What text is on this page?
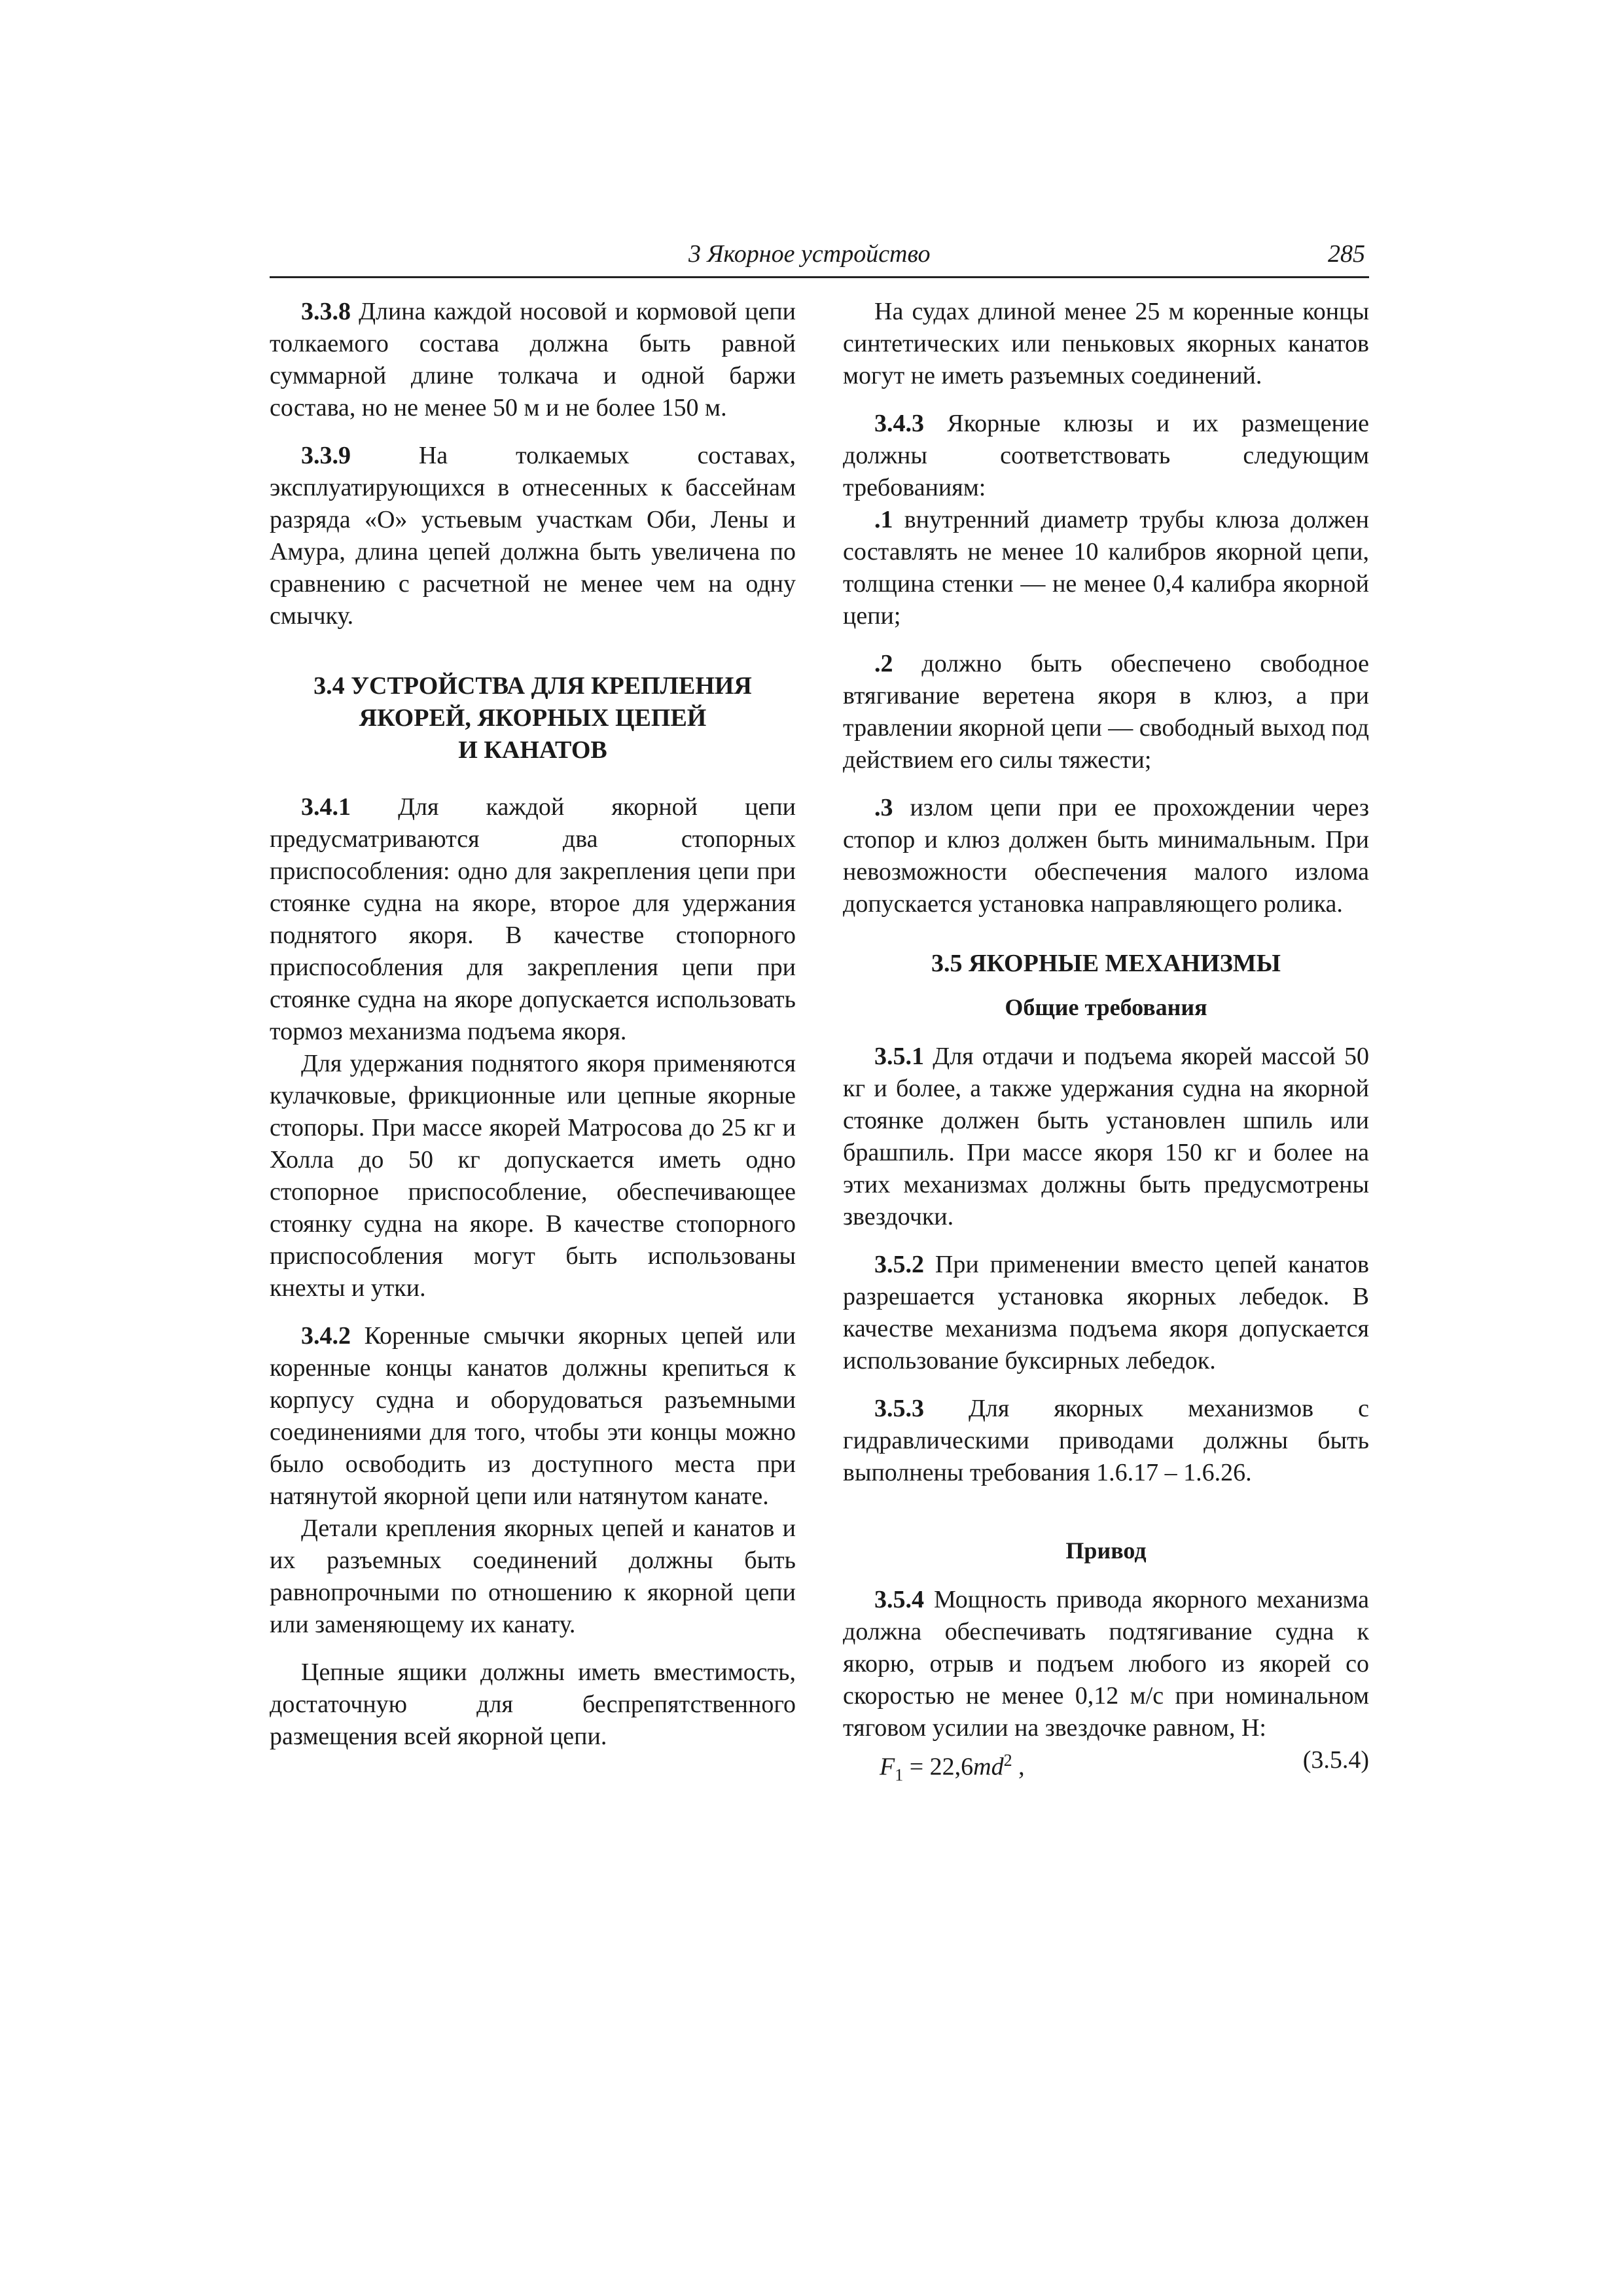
3 Якорное устройство	285

3.3.8 Длина каждой носовой и кормовой цепи толкаемого состава должна быть равной суммарной длине толкача и одной баржи состава, но не менее 50 м и не более 150 м.

3.3.9 На толкаемых составах, эксплуатирующихся в отнесенных к бассейнам разряда «О» устьевым участкам Оби, Лены и Амура, длина цепей должна быть увеличена по сравнению с расчетной не менее чем на одну смычку.

3.4 УСТРОЙСТВА ДЛЯ КРЕПЛЕНИЯ
ЯКОРЕЙ, ЯКОРНЫХ ЦЕПЕЙ
И КАНАТОВ

3.4.1 Для каждой якорной цепи предусматриваются два стопорных приспособления: одно для закрепления цепи при стоянке судна на якоре, второе для удержания поднятого якоря. В качестве стопорного приспособления для закрепления цепи при стоянке судна на якоре допускается использовать тормоз механизма подъема якоря.

Для удержания поднятого якоря применяются кулачковые, фрикционные или цепные якорные стопоры. При массе якорей Матросова до 25 кг и Холла до 50 кг допускается иметь одно стопорное приспособление, обеспечивающее стоянку судна на якоре. В качестве стопорного приспособления могут быть использованы кнехты и утки.

3.4.2 Коренные смычки якорных цепей или коренные концы канатов должны крепиться к корпусу судна и оборудоваться разъемными соединениями для того, чтобы эти концы можно было освободить из доступного места при натянутой якорной цепи или натянутом канате.

Детали крепления якорных цепей и канатов и их разъемных соединений должны быть равнопрочными по отношению к якорной цепи или заменяющему их канату.

Цепные ящики должны иметь вместимость, достаточную для беспрепятственного размещения всей якорной цепи.

На судах длиной менее 25 м коренные концы синтетических или пеньковых якорных канатов могут не иметь разъемных соединений.

3.4.3 Якорные клюзы и их размещение должны соответствовать следующим требованиям:

.1 внутренний диаметр трубы клюза должен составлять не менее 10 калибров якорной цепи, толщина стенки — не менее 0,4 калибра якорной цепи;

.2 должно быть обеспечено свободное втягивание веретена якоря в клюз, а при травлении якорной цепи — свободный выход под действием его силы тяжести;

.3 излом цепи при ее прохождении через стопор и клюз должен быть минимальным. При невозможности обеспечения малого излома допускается установка направляющего ролика.

3.5 ЯКОРНЫЕ МЕХАНИЗМЫ
Общие требования

3.5.1 Для отдачи и подъема якорей массой 50 кг и более, а также удержания судна на якорной стоянке должен быть установлен шпиль или брашпиль. При массе якоря 150 кг и более на этих механизмах должны быть предусмотрены звездочки.

3.5.2 При применении вместо цепей канатов разрешается установка якорных лебедок. В качестве механизма подъема якоря допускается использование буксирных лебедок.

3.5.3 Для якорных механизмов с гидравлическими приводами должны быть выполнены требования 1.6.17 – 1.6.26.

Привод

3.5.4 Мощность привода якорного механизма должна обеспечивать подтягивание судна к якорю, отрыв и подъем любого из якорей со скоростью не менее 0,12 м/с при номинальном тяговом усилии на звездочке равном, Н:

$F_1 = 22,6md^2$ ,	(3.5.4)
